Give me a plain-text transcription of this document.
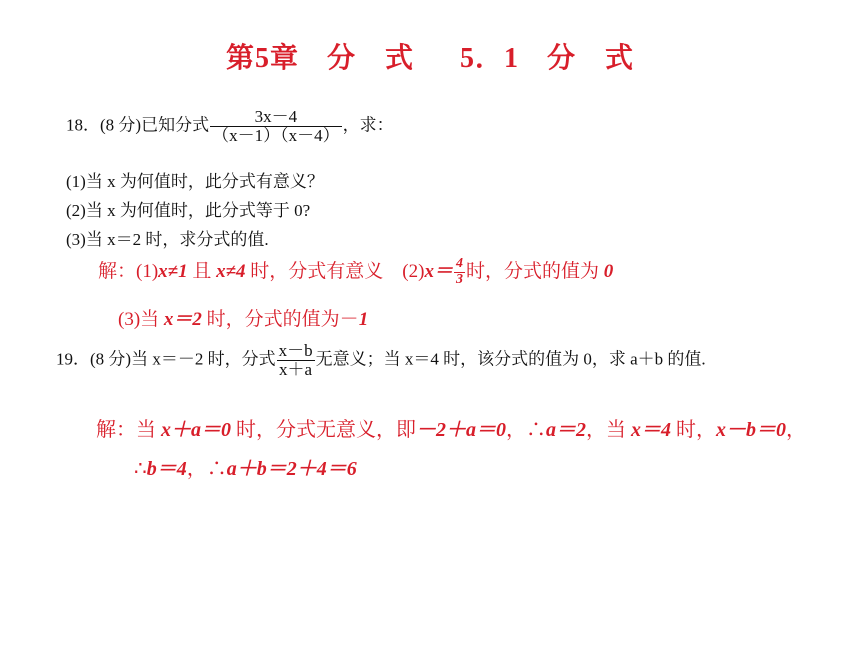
第5章 分　式 5．1 分　式
18．(8 分)已知分式 $\frac{3x-4}{(x-1)(x-4)}$ ，求：
(1)当 x 为何值时，此分式有意义？
(2)当 x 为何值时，此分式等于 0?
(3)当 x＝2 时，求分式的值.
解：(1)x≠1 且 x≠4 时，分式有意义　$(2)x= \frac{4}{3}$ 时，分式的值为 0
(3)当 x＝2 时，分式的值为－1
19．(8 分)当 x＝－2 时，分式 $\frac{x-b}{x+a}$ 无意义；当 x＝4 时，该分式的值为 0，求 a＋b 的值.
解：当 x＋a＝0 时，分式无意义，即－2＋a＝0，∴a＝2，当 x＝4 时，x－b＝0，
∴b＝4，∴a＋b＝2＋4＝6
